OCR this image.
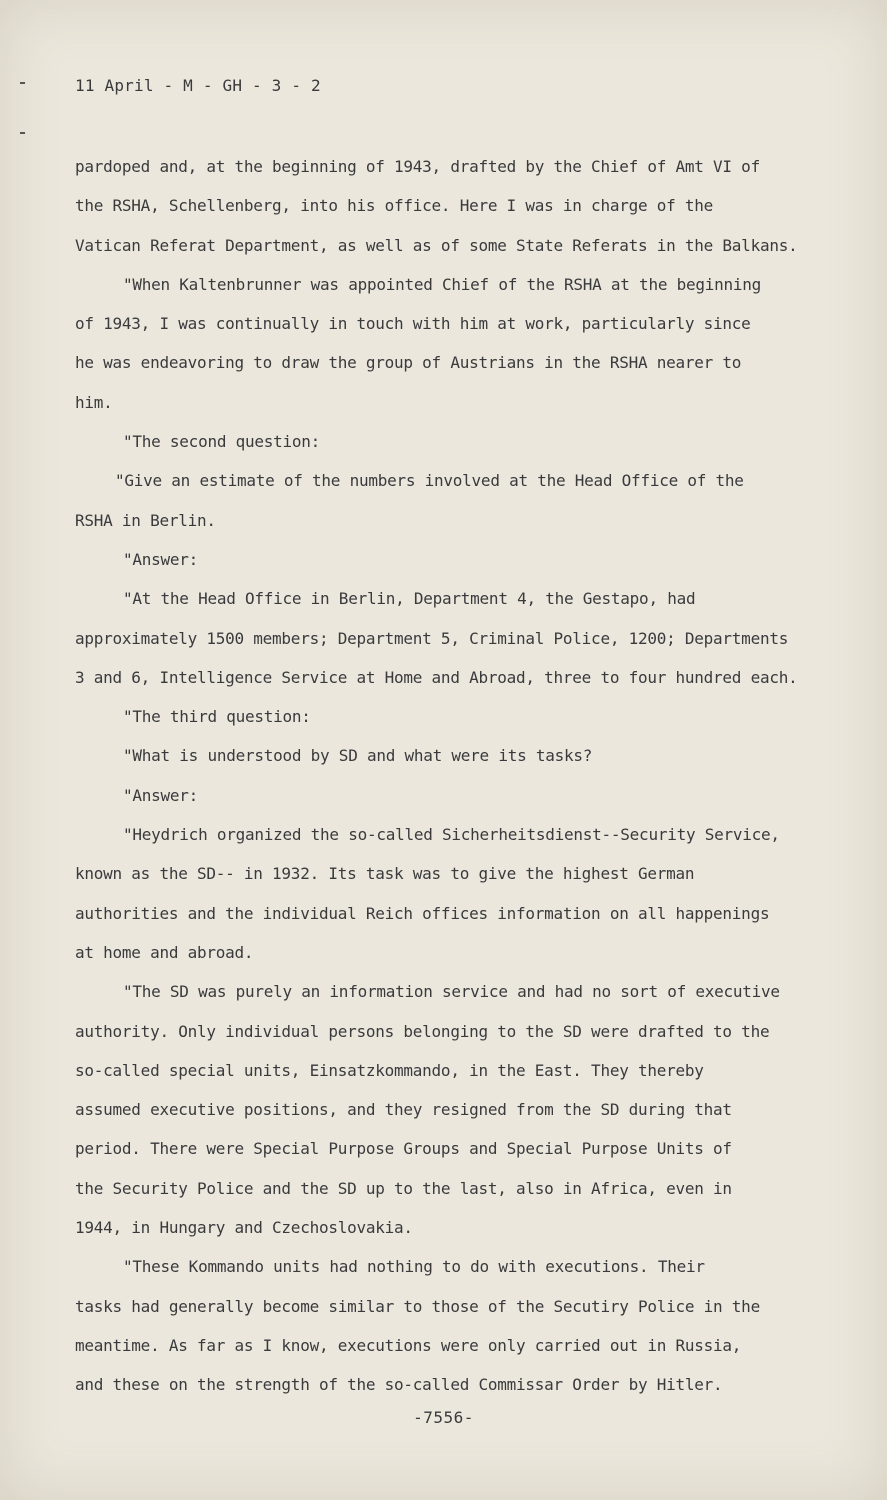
11 April - M - GH - 3 - 2
pardoped and, at the beginning of 1943, drafted by the Chief of Amt VI of
the RSHA, Schellenberg, into his office. Here I was in charge of the
Vatican Referat Department, as well as of some State Referats in the Balkans.
"When Kaltenbrunner was appointed Chief of the RSHA at the beginning
of 1943, I was continually in touch with him at work, particularly since
he was endeavoring to draw the group of Austrians in the RSHA nearer to
him.
"The second question:
"Give an estimate of the numbers involved at the Head Office of the
RSHA in Berlin.
"Answer:
"At the Head Office in Berlin, Department 4, the Gestapo, had
approximately 1500 members; Department 5, Criminal Police, 1200; Departments
3 and 6, Intelligence Service at Home and Abroad, three to four hundred each.
"The third question:
"What is understood by SD and what were its tasks?
"Answer:
"Heydrich organized the so-called Sicherheitsdienst--Security Service,
known as the SD-- in 1932. Its task was to give the highest German
authorities and the individual Reich offices information on all happenings
at home and abroad.
"The SD was purely an information service and had no sort of executive
authority. Only individual persons belonging to the SD were drafted to the
so-called special units, Einsatzkommando, in the East. They thereby
assumed executive positions, and they resigned from the SD during that
period. There were Special Purpose Groups and Special Purpose Units of
the Security Police and the SD up to the last, also in Africa, even in
1944, in Hungary and Czechoslovakia.
"These Kommando units had nothing to do with executions. Their
tasks had generally become similar to those of the Secutiry Police in the
meantime. As far as I know, executions were only carried out in Russia,
and these on the strength of the so-called Commissar Order by Hitler.
-7556-
